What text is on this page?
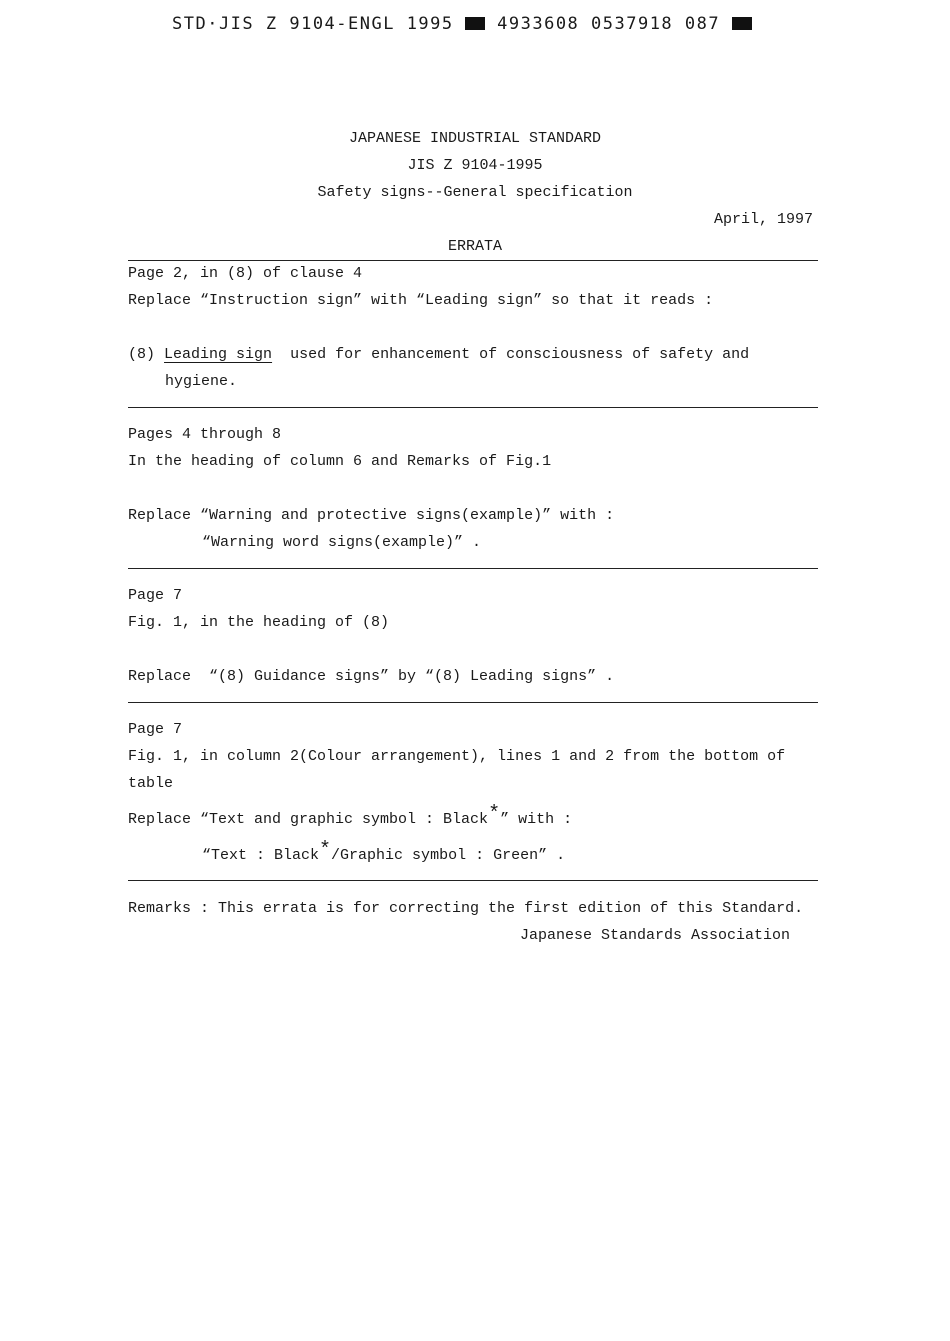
STD·JIS Z 9104-ENGL 1995	4933608 0537918 087
JAPANESE INDUSTRIAL STANDARD
JIS Z 9104-1995
Safety signs--General specification
April, 1997
ERRATA
Page 2, in (8) of clause 4
Replace “Instruction sign” with “Leading sign” so that it reads :
(8) Leading sign used for enhancement of consciousness of safety and
hygiene.
Pages 4 through 8
In the heading of column 6 and Remarks of Fig.1
Replace “Warning and protective signs(example)” with :
“Warning word signs(example)” .
Page 7
Fig. 1, in the heading of (8)
Replace  “(8) Guidance signs” by “(8) Leading signs” .
Page 7
Fig. 1, in column 2(Colour arrangement), lines 1 and 2 from the bottom of
table
Replace “Text and graphic symbol : Black*” with :
“Text : Black*/Graphic symbol : Green” .
Remarks : This errata is for correcting the first edition of this Standard.
Japanese Standards Association
